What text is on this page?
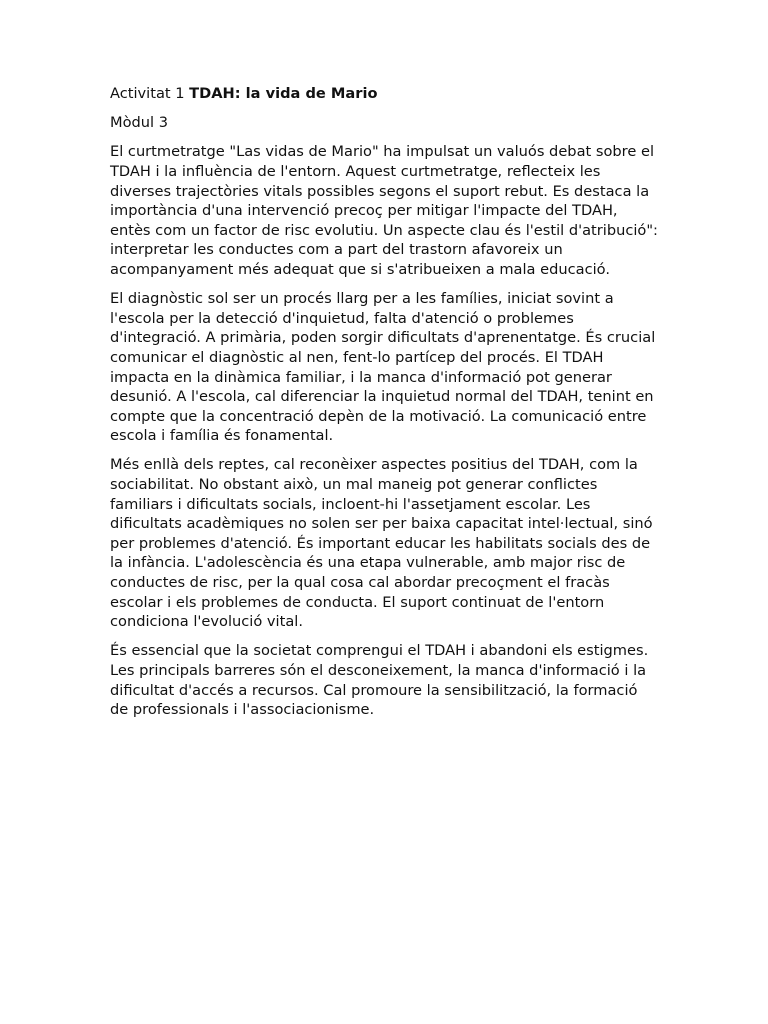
Activitat 1 TDAH: la vida de Mario
Mòdul 3

El curtmetratge "Las vidas de Mario" ha impulsat un valuós debat sobre el TDAH i la influència de l'entorn. Aquest curtmetratge, reflecteix les diverses trajectòries vitals possibles segons el suport rebut. Es destaca la importància d'una intervenció precoç per mitigar l'impacte del TDAH, entès com un factor de risc evolutiu. Un aspecte clau és l'estil d'atribució": interpretar les conductes com a part del trastorn afavoreix un acompanyament més adequat que si s'atribueixen a mala educació.

El diagnòstic sol ser un procés llarg per a les famílies, iniciat sovint a l'escola per la detecció d'inquietud, falta d'atenció o problemes d'integració. A primària, poden sorgir dificultats d'aprenentatge. És crucial comunicar el diagnòstic al nen, fent-lo partícep del procés. El TDAH impacta en la dinàmica familiar, i la manca d'informació pot generar desunió. A l'escola, cal diferenciar la inquietud normal del TDAH, tenint en compte que la concentració depèn de la motivació. La comunicació entre escola i família és fonamental.

Més enllà dels reptes, cal reconèixer aspectes positius del TDAH, com la sociabilitat. No obstant això, un mal maneig pot generar conflictes familiars i dificultats socials, incloent-hi l'assetjament escolar. Les dificultats acadèmiques no solen ser per baixa capacitat intel·lectual, sinó per problemes d'atenció. És important educar les habilitats socials des de la infància. L'adolescència és una etapa vulnerable, amb major risc de conductes de risc, per la qual cosa cal abordar precoçment el fracàs escolar i els problemes de conducta. El suport continuat de l'entorn condiciona l'evolució vital.

És essencial que la societat comprengui el TDAH i abandoni els estigmes. Les principals barreres són el desconeixement, la manca d'informació i la dificultat d'accés a recursos. Cal promoure la sensibilització, la formació de professionals i l'associacionisme.
